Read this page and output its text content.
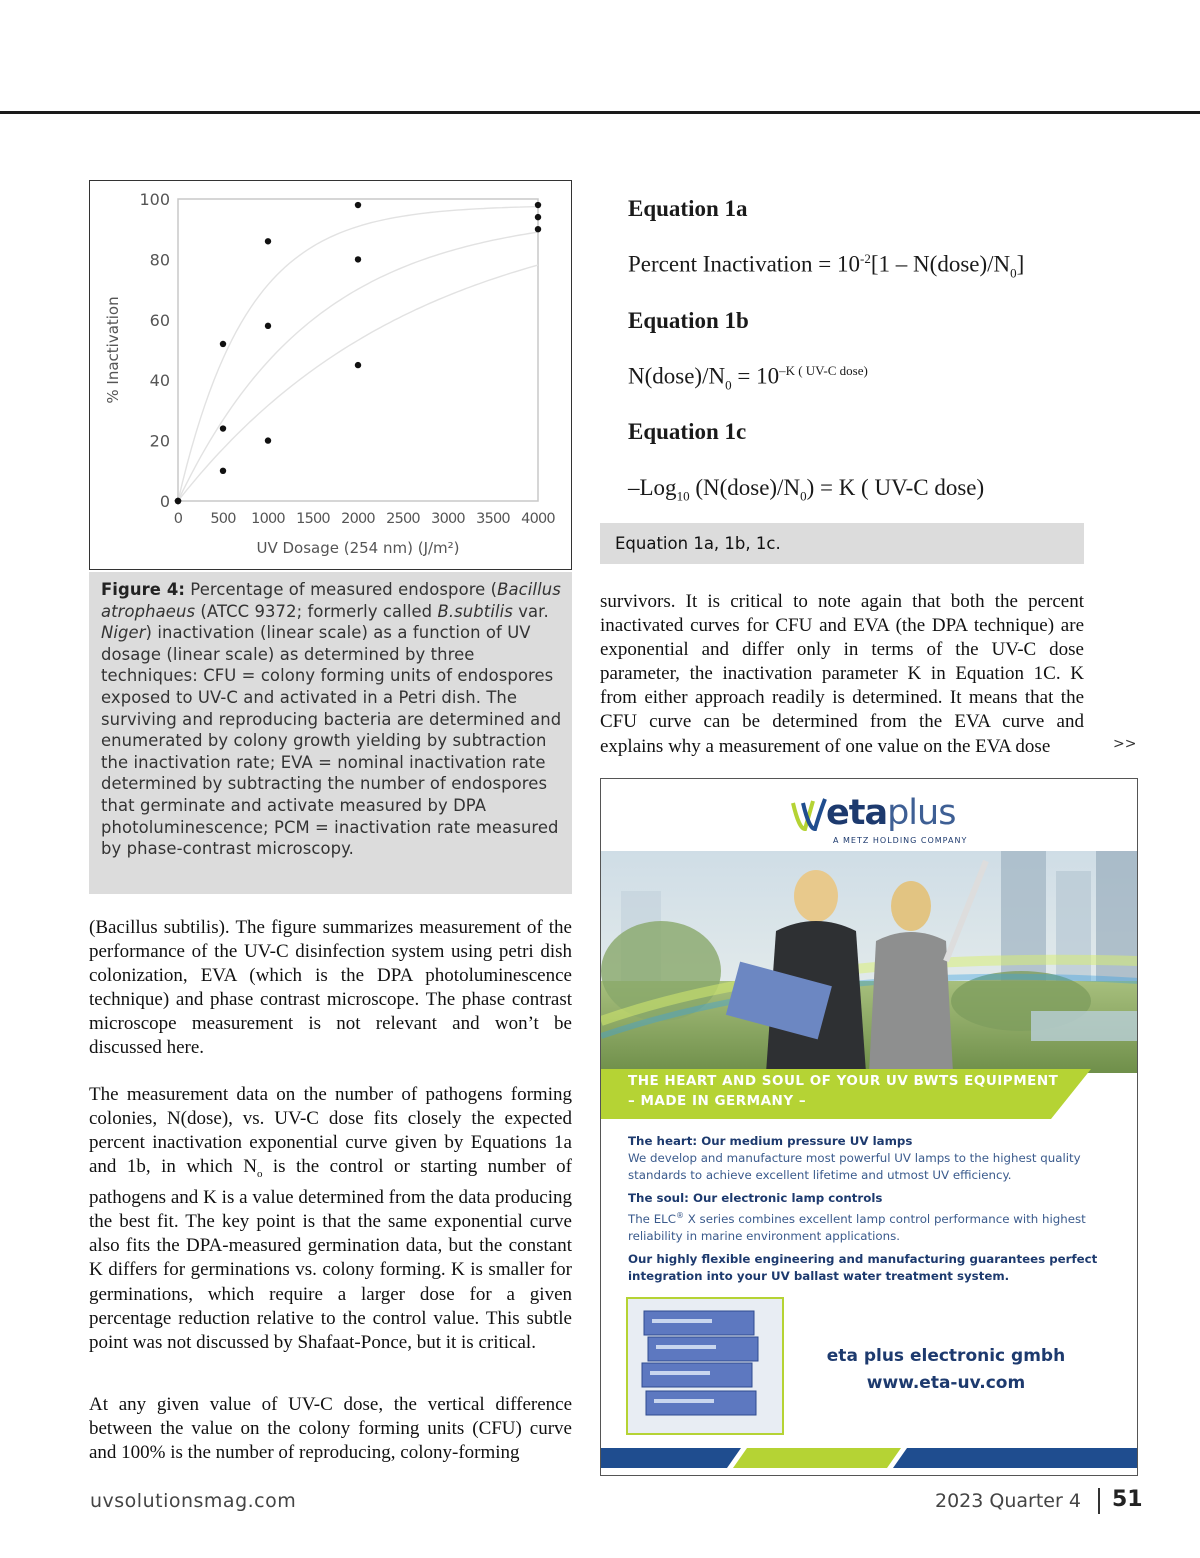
0
20
40
60
80
100
0 500 1000 1500 2000 2500 3000 3500 4000
UV Dosage (254 nm) (J/m²)
% Inactivation
Figure 4: Percentage of measured endospore (Bacillus atrophaeus (ATCC 9372; formerly called B.subtilis var. Niger) inactivation (linear scale) as a function of UV dosage (linear scale) as determined by three techniques: CFU = colony forming units of endospores exposed to UV-C and activated in a Petri dish. The surviving and reproducing bacteria are determined and enumerated by colony growth yielding by subtraction the inactivation rate; EVA = nominal inactivation rate determined by subtracting the number of endospores that germinate and activate measured by DPA photoluminescence; PCM = inactivation rate measured by phase-contrast microscopy.
Equation 1a
Percent Inactivation = $10^{-2}[1$ – $N(dose)/N_0$]
Equation 1b
$N(dose)/N_0 = 10^{-K ( UV-C dose)}$
Equation 1c
–Log$_{10}$ $(N(dose)/N_0) = K$ ( UV-C dose)
Equation 1a, 1b, 1c.

(Bacillus subtilis). The figure summarizes measurement of the performance of the UV-C disinfection system using petri dish colonization, EVA (which is the DPA photoluminescence technique) and phase contrast microscope. The phase contrast microscope measurement is not relevant and won’t be discussed here.

The measurement data on the number of pathogens forming colonies, N(dose), vs. UV-C dose fits closely the expected percent inactivation exponential curve given by Equations 1a and 1b, in which $N_o$ is the control or starting number of pathogens and K is a value determined from the data producing the best fit. The key point is that the same exponential curve also fits the DPA-measured germination data, but the constant K differs for germinations vs. colony forming. K is smaller for germinations, which require a larger dose for a given percentage reduction relative to the control value. This subtle point was not discussed by Shafaat-Ponce, but it is critical.

At any given value of UV-C dose, the vertical difference between the value on the colony forming units (CFU) curve and 100% is the number of reproducing, colony-forming

survivors. It is critical to note again that both the percent inactivated curves for CFU and EVA (the DPA technique) are exponential and differ only in terms of the UV-C dose parameter, the inactivation parameter K in Equation 1C. K from either approach readily is determined. It means that the CFU curve can be determined from the EVA curve and explains why a measurement of one value on the EVA dose	>>
etaplus
A METZ HOLDING COMPANY
THE HEART AND SOUL OF YOUR UV BWTS EQUIPMENT
– MADE IN GERMANY –
The heart: Our medium pressure UV lamps

We develop and manufacture most powerful UV lamps to the highest quality standards to achieve excellent lifetime and utmost UV efficiency.

The soul: Our electronic lamp controls

The ELC® X series combines excellent lamp control performance with highest reliability in marine environment applications.

Our highly flexible engineering and manufacturing guarantees perfect integration into your UV ballast water treatment system.

eta plus electronic gmbh
www.eta-uv.com
uvsolutionsmag.com	2023 Quarter 4 51
